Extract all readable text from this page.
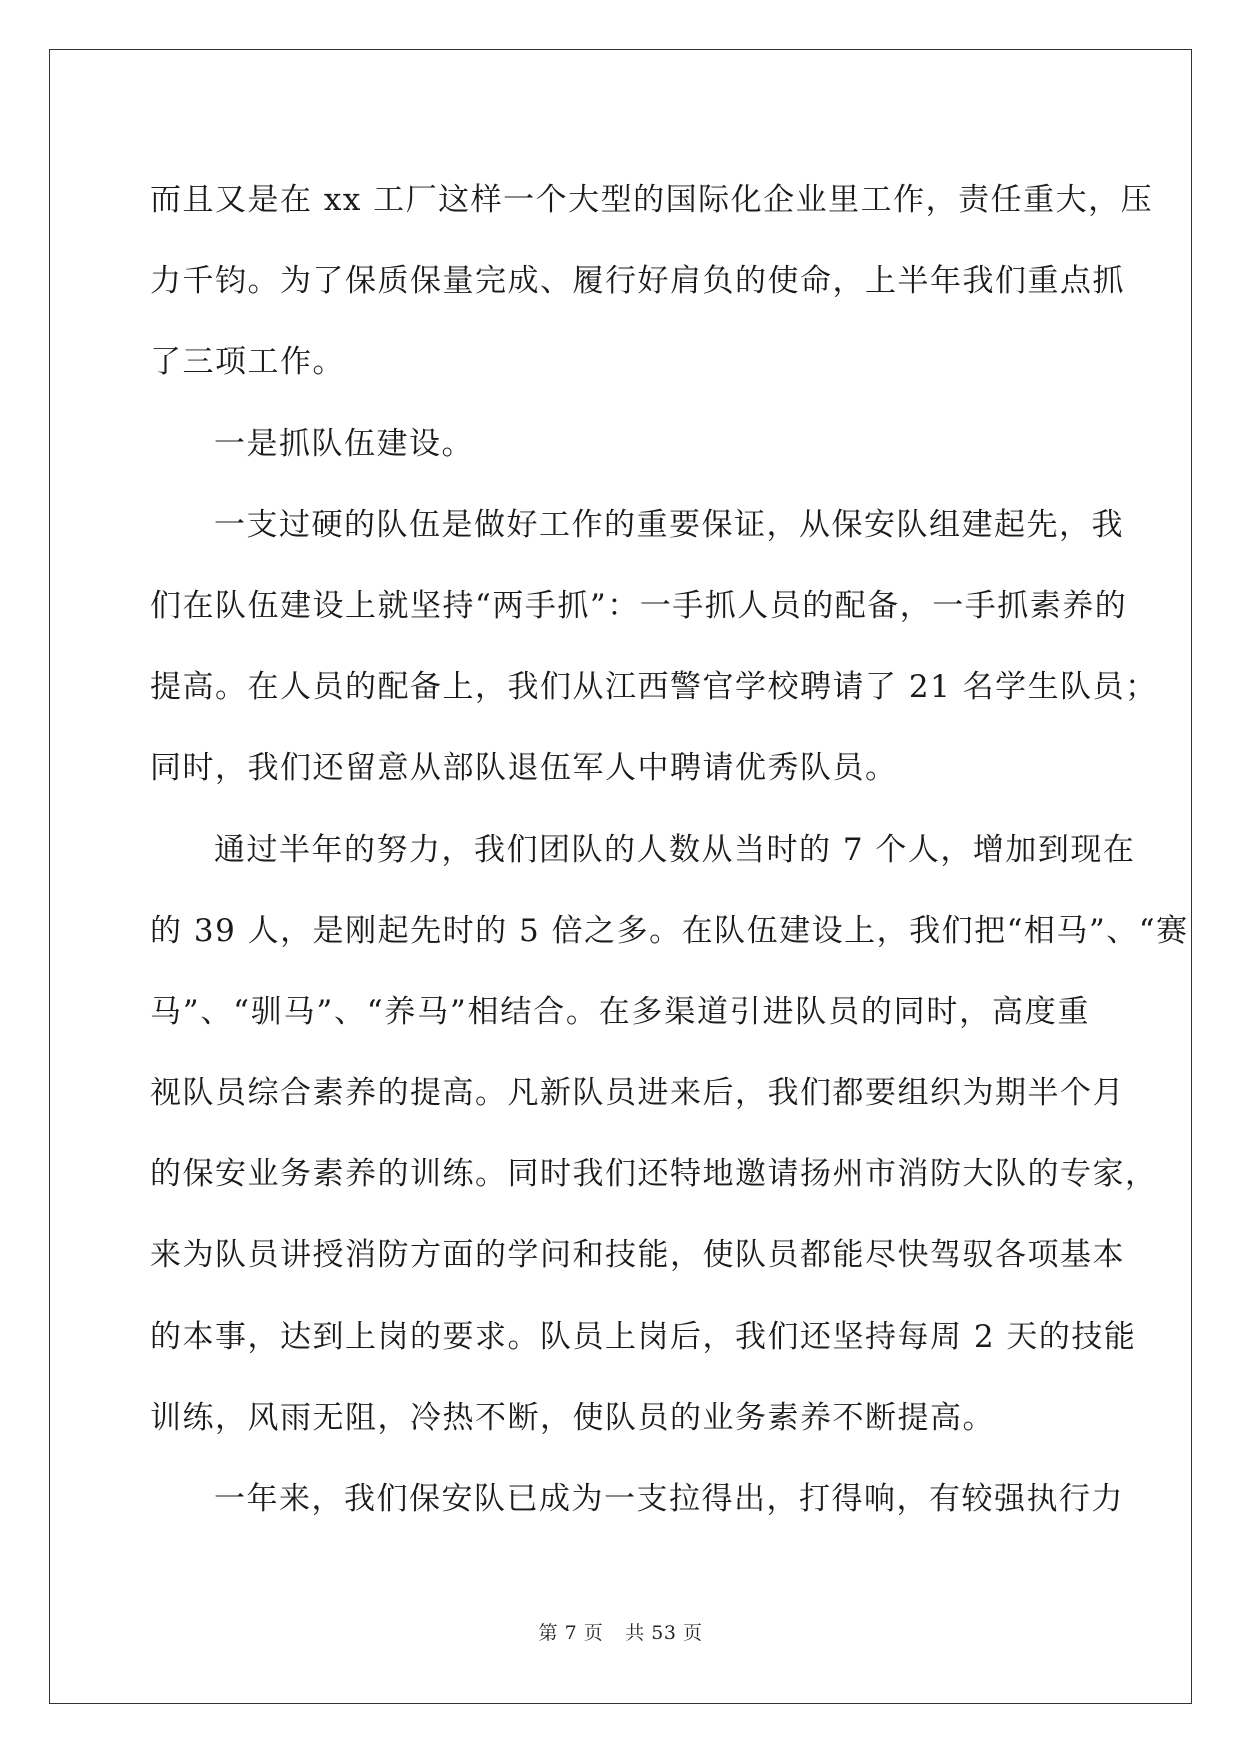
而且又是在 xx 工厂这样一个大型的国际化企业里工作，责任重大，压
力千钧。为了保质保量完成、履行好肩负的使命，上半年我们重点抓
了三项工作。
一是抓队伍建设。
一支过硬的队伍是做好工作的重要保证，从保安队组建起先，我
们在队伍建设上就坚持“两手抓”：一手抓人员的配备，一手抓素养的
提高。在人员的配备上，我们从江西警官学校聘请了 21 名学生队员；
同时，我们还留意从部队退伍军人中聘请优秀队员。
通过半年的努力，我们团队的人数从当时的 7 个人，增加到现在
的 39 人，是刚起先时的 5 倍之多。在队伍建设上，我们把“相马”、“赛
马”、“驯马”、“养马”相结合。在多渠道引进队员的同时，高度重
视队员综合素养的提高。凡新队员进来后，我们都要组织为期半个月
的保安业务素养的训练。同时我们还特地邀请扬州市消防大队的专家，
来为队员讲授消防方面的学问和技能，使队员都能尽快驾驭各项基本
的本事，达到上岗的要求。队员上岗后，我们还坚持每周 2 天的技能
训练，风雨无阻，冷热不断，使队员的业务素养不断提高。
一年来，我们保安队已成为一支拉得出，打得响，有较强执行力
第 7 页 共 53 页
